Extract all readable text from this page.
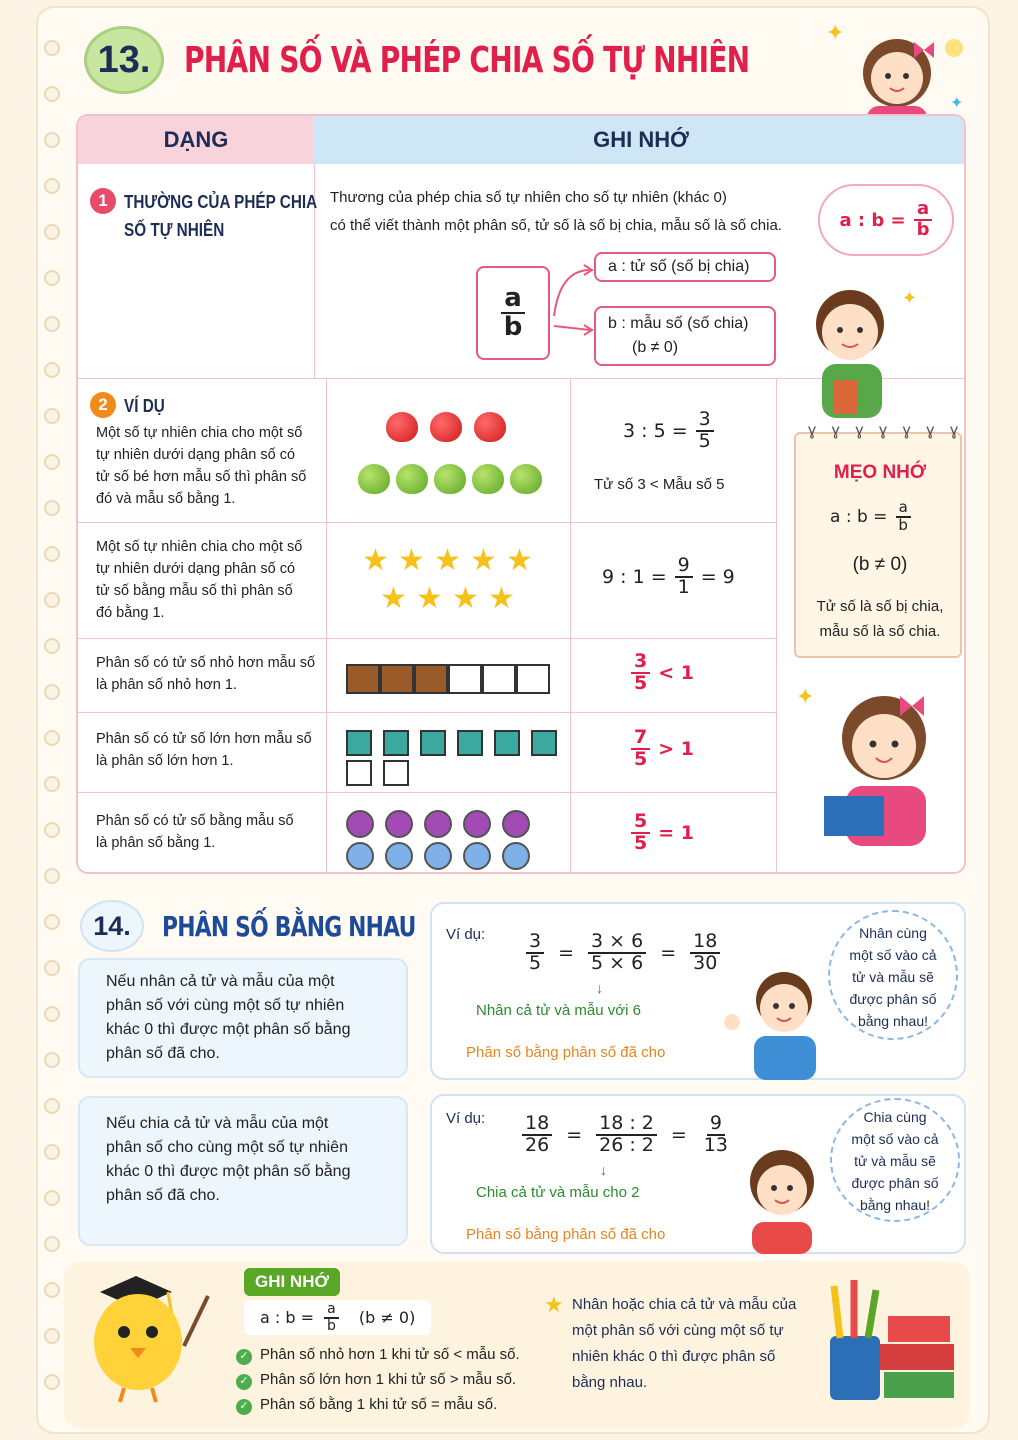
13. PHÂN SỐ VÀ PHÉP CHIA SỐ TỰ NHIÊN
✦
✦
DẠNG	GHI NHỚ
1 THƯỜNG CỦA PHÉP CHIA
SỐ TỰ NHIÊN
Thương của phép chia số tự nhiên cho số tự nhiên (khác 0)
có thể viết thành một phân số, tử số là số bị chia, mẫu số là số chia.	a : $b = \frac{a}{b}$
$\frac{a}{b}$
a : tử số (số bị chia)
b : mẫu số (số chia)
(b ≠ 0)
2 VÍ DỤ
Một số tự nhiên chia cho một số
tự nhiên dưới dạng phân số có
tử số bé hơn mẫu số thì phân số
đó và mẫu số bằng 1.
3 : $5 = \frac{3}{5}$
Tử số 3 < Mẫu số 5
Một số tự nhiên chia cho một số
tự nhiên dưới dạng phân số có
tử số bằng mẫu số thì phân số
đó bằng 1.
★ ★ ★ ★ ★
★ ★ ★ ★
9 : $1 = \frac{9}{1} = 9$
Phân số có tử số nhỏ hơn mẫu số
là phân số nhỏ hơn 1.	$\frac{3}{5} < 1$
Phân số có tử số lớn hơn mẫu số
là phân số lớn hơn 1.	$\frac{7}{5} > 1$
Phân số có tử số bằng mẫu số
là phân số bằng 1.	$\frac{5}{5} = 1$
✦
ɣ ɣ ɣ ɣ ɣ ɣ ɣ
MẸO NHỚ
a : $b = \frac{a}{b}$
(b ≠ 0)
Tử số là số bị chia,
mẫu số là số chia.
✦
14.	PHÂN SỐ BẰNG NHAU
Nếu nhân cả tử và mẫu của một
phân số với cùng một số tự nhiên
khác 0 thì được một phân số bằng
phân số đã cho.
Nếu chia cả tử và mẫu của một
phân số cho cùng một số tự nhiên
khác 0 thì được một phân số bằng
phân số đã cho.
Ví dụ: $\frac{3}{5} = \frac{3 \times 6}{5 \times 6} = \frac{18}{30}$
↓
Nhân cả tử và mẫu với 6
Phân số bằng phân số đã cho
Nhân cùng
một số vào cả
tử và mẫu sẽ
được phân số
bằng nhau!
Ví dụ: $\frac{18}{26} = \frac{18 : 2}{26 : 2} = \frac{9}{13}$
↓
Chia cả tử và mẫu cho 2
Phân số bằng phân số đã cho
Chia cùng
một số vào cả
tử và mẫu sẽ
được phân số
bằng nhau!
GHI NHỚ
a : $b = \frac{a}{b} (b \ne 0)$
✓ Phân số nhỏ hơn 1 khi tử số < mẫu số.
✓ Phân số lớn hơn 1 khi tử số > mẫu số.
✓ Phân số bằng 1 khi tử số = mẫu số.
★ Nhân hoặc chia cả tử và mẫu của
một phân số với cùng một số tự
nhiên khác 0 thì được phân số
bằng nhau.
